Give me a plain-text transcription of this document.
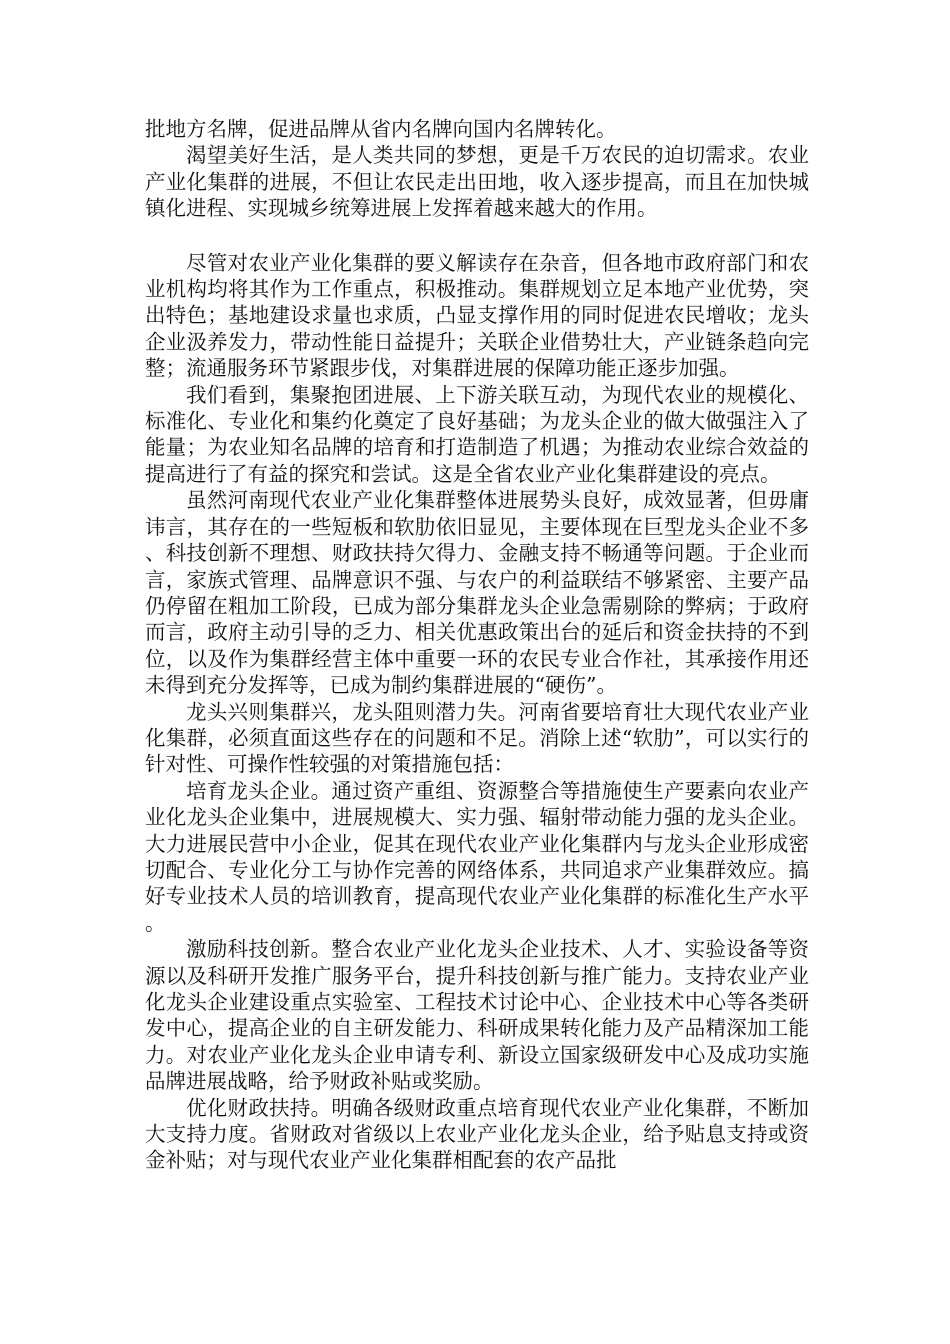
批地方名牌，促进品牌从省内名牌向国内名牌转化。

渴望美好生活，是人类共同的梦想，更是千万农民的迫切需求。农业产业化集群的进展，不但让农民走出田地，收入逐步提高，而且在加快城镇化进程、实现城乡统筹进展上发挥着越来越大的作用。

尽管对农业产业化集群的要义解读存在杂音，但各地市政府部门和农业机构均将其作为工作重点，积极推动。集群规划立足本地产业优势，突出特色；基地建设求量也求质，凸显支撑作用的同时促进农民增收；龙头企业汲养发力，带动性能日益提升；关联企业借势壮大，产业链条趋向完整；流通服务环节紧跟步伐，对集群进展的保障功能正逐步加强。

我们看到，集聚抱团进展、上下游关联互动，为现代农业的规模化、标准化、专业化和集约化奠定了良好基础；为龙头企业的做大做强注入了能量；为农业知名品牌的培育和打造制造了机遇；为推动农业综合效益的提高进行了有益的探究和尝试。这是全省农业产业化集群建设的亮点。

虽然河南现代农业产业化集群整体进展势头良好，成效显著，但毋庸讳言，其存在的一些短板和软肋依旧显见，主要体现在巨型龙头企业不多、科技创新不理想、财政扶持欠得力、金融支持不畅通等问题。于企业而言，家族式管理、品牌意识不强、与农户的利益联结不够紧密、主要产品仍停留在粗加工阶段，已成为部分集群龙头企业急需剔除的弊病；于政府而言，政府主动引导的乏力、相关优惠政策出台的延后和资金扶持的不到位，以及作为集群经营主体中重要一环的农民专业合作社，其承接作用还未得到充分发挥等，已成为制约集群进展的“硬伤”。

龙头兴则集群兴，龙头阻则潜力失。河南省要培育壮大现代农业产业化集群，必须直面这些存在的问题和不足。消除上述“软肋”，可以实行的针对性、可操作性较强的对策措施包括：

培育龙头企业。通过资产重组、资源整合等措施使生产要素向农业产业化龙头企业集中，进展规模大、实力强、辐射带动能力强的龙头企业。大力进展民营中小企业，促其在现代农业产业化集群内与龙头企业形成密切配合、专业化分工与协作完善的网络体系，共同追求产业集群效应。搞好专业技术人员的培训教育，提高现代农业产业化集群的标准化生产水平。

激励科技创新。整合农业产业化龙头企业技术、人才、实验设备等资源以及科研开发推广服务平台，提升科技创新与推广能力。支持农业产业化龙头企业建设重点实验室、工程技术讨论中心、企业技术中心等各类研发中心，提高企业的自主研发能力、科研成果转化能力及产品精深加工能力。对农业产业化龙头企业申请专利、新设立国家级研发中心及成功实施品牌进展战略，给予财政补贴或奖励。

优化财政扶持。明确各级财政重点培育现代农业产业化集群，不断加大支持力度。省财政对省级以上农业产业化龙头企业，给予贴息支持或资金补贴；对与现代农业产业化集群相配套的农产品批
